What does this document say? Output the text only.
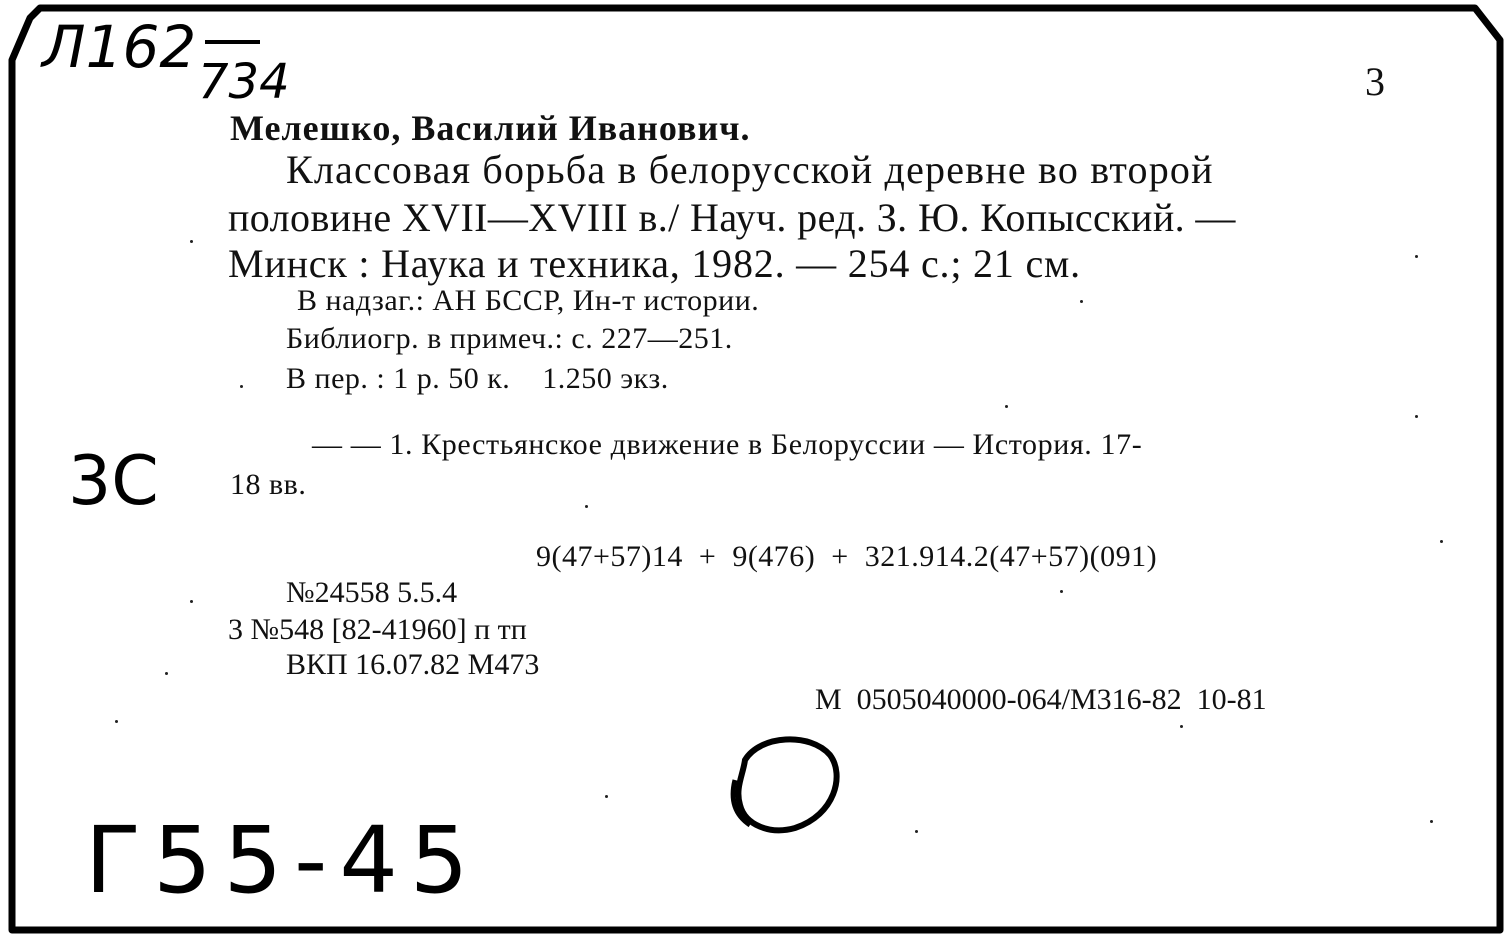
Л162
734
3С
Г55-45
3
Мелешко, Василий Иванович.
Классовая борьба в белорусской деревне во второй
половине XVII—XVIII в./ Науч. ред. З. Ю. Копысский. —
Минск : Наука и техника, 1982. — 254 с.; 21 см.
В надзаг.: АН БССР, Ин-т истории.
Библиогр. в примеч.: с. 227—251.
В пер. : 1 р. 50 к.    1.250 экз.
— — 1. Крестьянское движение в Белоруссии — История. 17-
18 вв.
9(47+57)14  +  9(476)  +  321.914.2(47+57)(091)
№24558 5.5.4
3 №548 [82-41960] п тп
ВКП 16.07.82 М473
М  0505040000-064/М316-82  10-81
